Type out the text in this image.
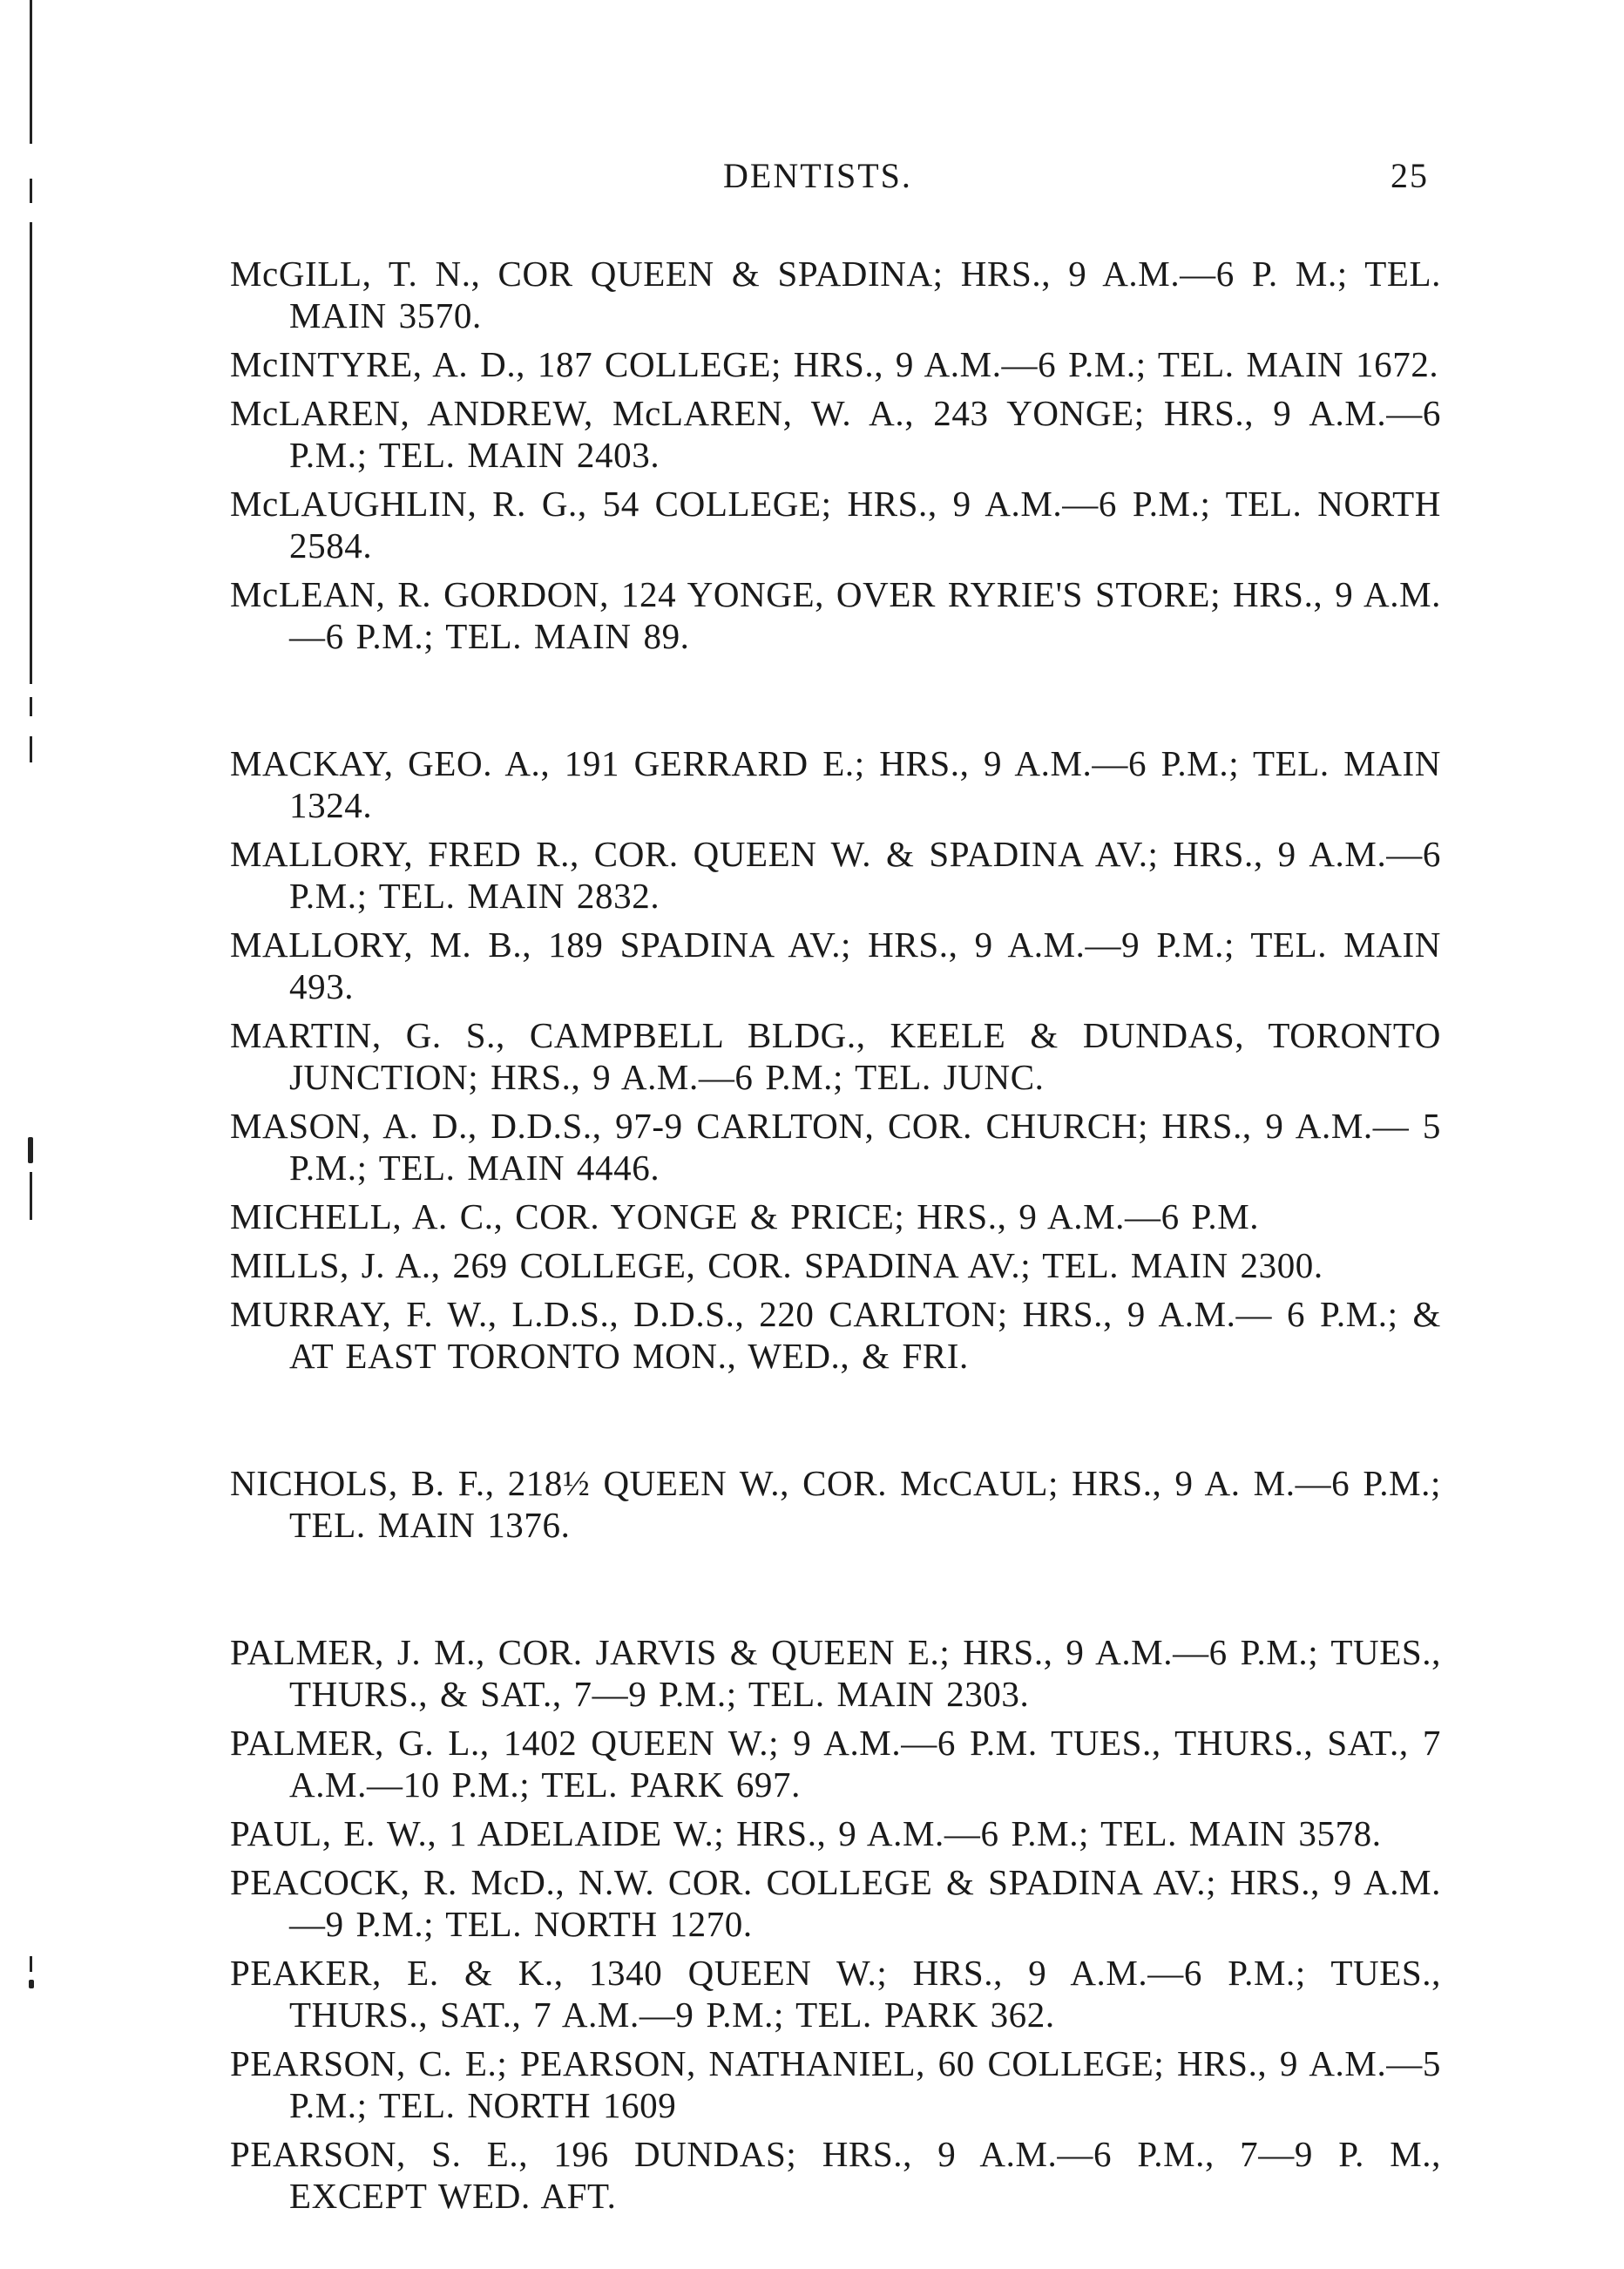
DENTISTS.	25

McGILL, T. N., COR QUEEN & SPADINA; HRS., 9 A.M.—6 P. M.; TEL. MAIN 3570.

McINTYRE, A. D., 187 COLLEGE; HRS., 9 A.M.—6 P.M.; TEL. MAIN 1672.

McLAREN, ANDREW, McLAREN, W. A., 243 YONGE; HRS., 9 A.M.—6 P.M.; TEL. MAIN 2403.

McLAUGHLIN, R. G., 54 COLLEGE; HRS., 9 A.M.—6 P.M.; TEL. NORTH 2584.

McLEAN, R. GORDON, 124 YONGE, OVER RYRIE'S STORE; HRS., 9 A.M.—6 P.M.; TEL. MAIN 89.

MACKAY, GEO. A., 191 GERRARD E.; HRS., 9 A.M.—6 P.M.; TEL. MAIN 1324.

MALLORY, FRED R., COR. QUEEN W. & SPADINA AV.; HRS., 9 A.M.—6 P.M.; TEL. MAIN 2832.

MALLORY, M. B., 189 SPADINA AV.; HRS., 9 A.M.—9 P.M.; TEL. MAIN 493.

MARTIN, G. S., CAMPBELL BLDG., KEELE & DUNDAS, TORONTO JUNCTION; HRS., 9 A.M.—6 P.M.; TEL. JUNC.

MASON, A. D., D.D.S., 97-9 CARLTON, COR. CHURCH; HRS., 9 A.M.— 5 P.M.; TEL. MAIN 4446.

MICHELL, A. C., COR. YONGE & PRICE; HRS., 9 A.M.—6 P.M.

MILLS, J. A., 269 COLLEGE, COR. SPADINA AV.; TEL. MAIN 2300.

MURRAY, F. W., L.D.S., D.D.S., 220 CARLTON; HRS., 9 A.M.— 6 P.M.; & AT EAST TORONTO MON., WED., & FRI.

NICHOLS, B. F., 218½ QUEEN W., COR. McCAUL; HRS., 9 A. M.—6 P.M.; TEL. MAIN 1376.

PALMER, J. M., COR. JARVIS & QUEEN E.; HRS., 9 A.M.—6 P.M.; TUES., THURS., & SAT., 7—9 P.M.; TEL. MAIN 2303.

PALMER, G. L., 1402 QUEEN W.; 9 A.M.—6 P.M. TUES., THURS., SAT., 7 A.M.—10 P.M.; TEL. PARK 697.

PAUL, E. W., 1 ADELAIDE W.; HRS., 9 A.M.—6 P.M.; TEL. MAIN 3578.

PEACOCK, R. McD., N.W. COR. COLLEGE & SPADINA AV.; HRS., 9 A.M.—9 P.M.; TEL. NORTH 1270.

PEAKER, E. & K., 1340 QUEEN W.; HRS., 9 A.M.—6 P.M.; TUES., THURS., SAT., 7 A.M.—9 P.M.; TEL. PARK 362.

PEARSON, C. E.; PEARSON, NATHANIEL, 60 COLLEGE; HRS., 9 A.M.—5 P.M.; TEL. NORTH 1609

PEARSON, S. E., 196 DUNDAS; HRS., 9 A.M.—6 P.M., 7—9 P. M., EXCEPT WED. AFT.
